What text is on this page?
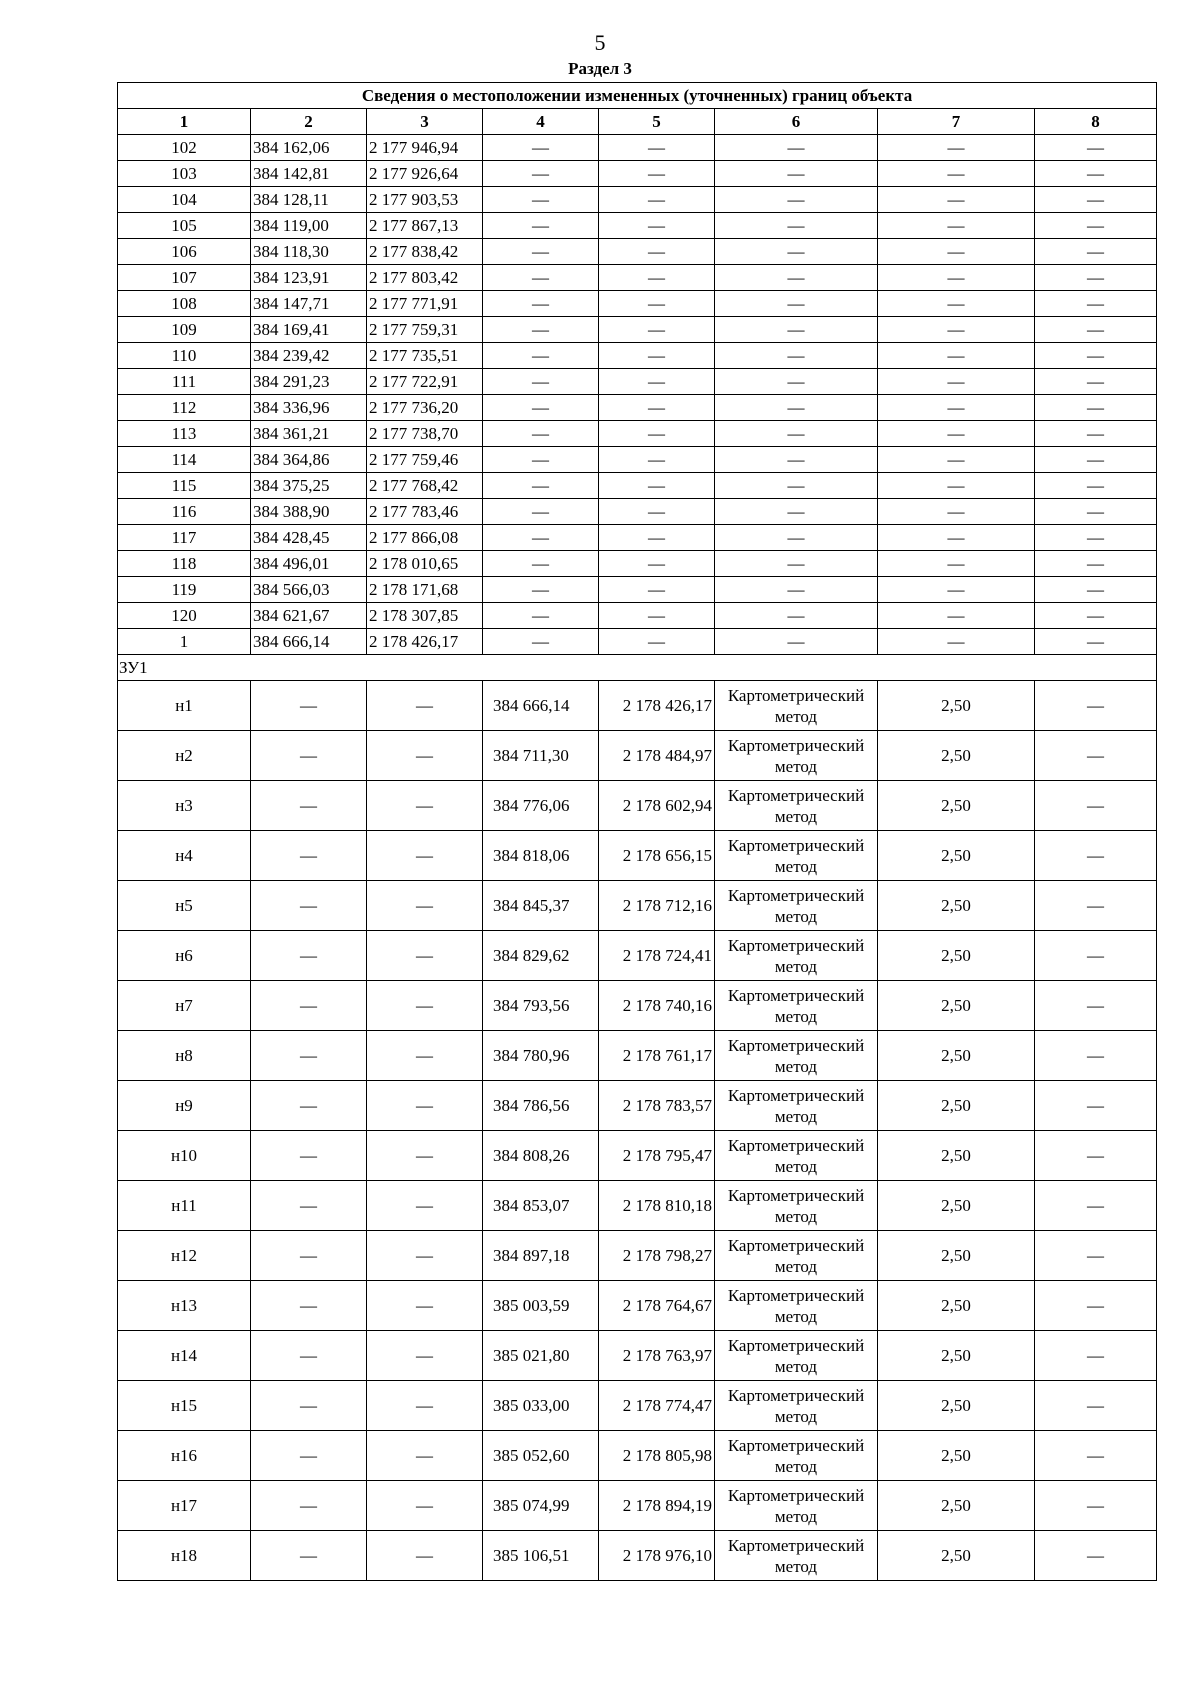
5
Раздел 3
Сведения о местоположении измененных (уточненных) границ объекта							
1	2	3	4	5	6	7	8
102	384 162,06	2 177 946,94	—	—	—	—	—
103	384 142,81	2 177 926,64	—	—	—	—	—
104	384 128,11	2 177 903,53	—	—	—	—	—
105	384 119,00	2 177 867,13	—	—	—	—	—
106	384 118,30	2 177 838,42	—	—	—	—	—
107	384 123,91	2 177 803,42	—	—	—	—	—
108	384 147,71	2 177 771,91	—	—	—	—	—
109	384 169,41	2 177 759,31	—	—	—	—	—
110	384 239,42	2 177 735,51	—	—	—	—	—
111	384 291,23	2 177 722,91	—	—	—	—	—
112	384 336,96	2 177 736,20	—	—	—	—	—
113	384 361,21	2 177 738,70	—	—	—	—	—
114	384 364,86	2 177 759,46	—	—	—	—	—
115	384 375,25	2 177 768,42	—	—	—	—	—
116	384 388,90	2 177 783,46	—	—	—	—	—
117	384 428,45	2 177 866,08	—	—	—	—	—
118	384 496,01	2 178 010,65	—	—	—	—	—
119	384 566,03	2 178 171,68	—	—	—	—	—
120	384 621,67	2 178 307,85	—	—	—	—	—
1	384 666,14	2 178 426,17	—	—	—	—	—
ЗУ1							
н1	—	—	384 666,14	2 178 426,17	Картометрический метод	2,50	—
н2	—	—	384 711,30	2 178 484,97	Картометрический метод	2,50	—
н3	—	—	384 776,06	2 178 602,94	Картометрический метод	2,50	—
н4	—	—	384 818,06	2 178 656,15	Картометрический метод	2,50	—
н5	—	—	384 845,37	2 178 712,16	Картометрический метод	2,50	—
н6	—	—	384 829,62	2 178 724,41	Картометрический метод	2,50	—
н7	—	—	384 793,56	2 178 740,16	Картометрический метод	2,50	—
н8	—	—	384 780,96	2 178 761,17	Картометрический метод	2,50	—
н9	—	—	384 786,56	2 178 783,57	Картометрический метод	2,50	—
н10	—	—	384 808,26	2 178 795,47	Картометрический метод	2,50	—
н11	—	—	384 853,07	2 178 810,18	Картометрический метод	2,50	—
н12	—	—	384 897,18	2 178 798,27	Картометрический метод	2,50	—
н13	—	—	385 003,59	2 178 764,67	Картометрический метод	2,50	—
н14	—	—	385 021,80	2 178 763,97	Картометрический метод	2,50	—
н15	—	—	385 033,00	2 178 774,47	Картометрический метод	2,50	—
н16	—	—	385 052,60	2 178 805,98	Картометрический метод	2,50	—
н17	—	—	385 074,99	2 178 894,19	Картометрический метод	2,50	—
н18	—	—	385 106,51	2 178 976,10	Картометрический метод	2,50	—
